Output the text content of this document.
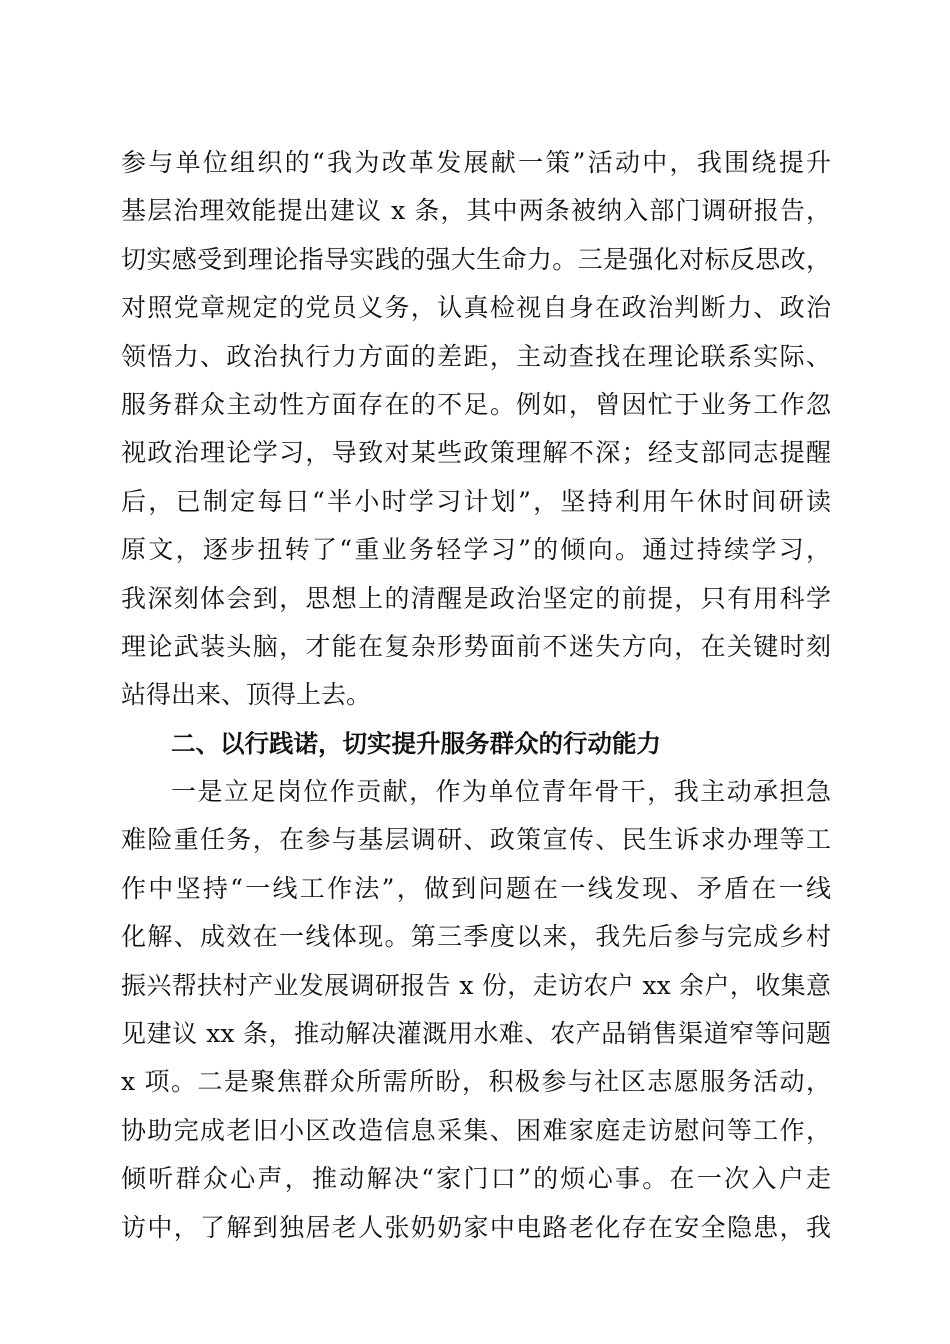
参与单位组织的“我为改革发展献一策”活动中，我围绕提升
基层治理效能提出建议 x 条，其中两条被纳入部门调研报告，
切实感受到理论指导实践的强大生命力。三是强化对标反思改，
对照党章规定的党员义务，认真检视自身在政治判断力、政治
领悟力、政治执行力方面的差距，主动查找在理论联系实际、
服务群众主动性方面存在的不足。例如，曾因忙于业务工作忽
视政治理论学习，导致对某些政策理解不深；经支部同志提醒
后，已制定每日“半小时学习计划”，坚持利用午休时间研读
原文，逐步扭转了“重业务轻学习”的倾向。通过持续学习，
我深刻体会到，思想上的清醒是政治坚定的前提，只有用科学
理论武装头脑，才能在复杂形势面前不迷失方向，在关键时刻
站得出来、顶得上去。
二、以行践诺，切实提升服务群众的行动能力
一是立足岗位作贡献，作为单位青年骨干，我主动承担急
难险重任务，在参与基层调研、政策宣传、民生诉求办理等工
作中坚持“一线工作法”，做到问题在一线发现、矛盾在一线
化解、成效在一线体现。第三季度以来，我先后参与完成乡村
振兴帮扶村产业发展调研报告 x 份，走访农户 xx 余户，收集意
见建议 xx 条，推动解决灌溉用水难、农产品销售渠道窄等问题
x 项。二是聚焦群众所需所盼，积极参与社区志愿服务活动，
协助完成老旧小区改造信息采集、困难家庭走访慰问等工作，
倾听群众心声，推动解决“家门口”的烦心事。在一次入户走
访中，了解到独居老人张奶奶家中电路老化存在安全隐患，我
